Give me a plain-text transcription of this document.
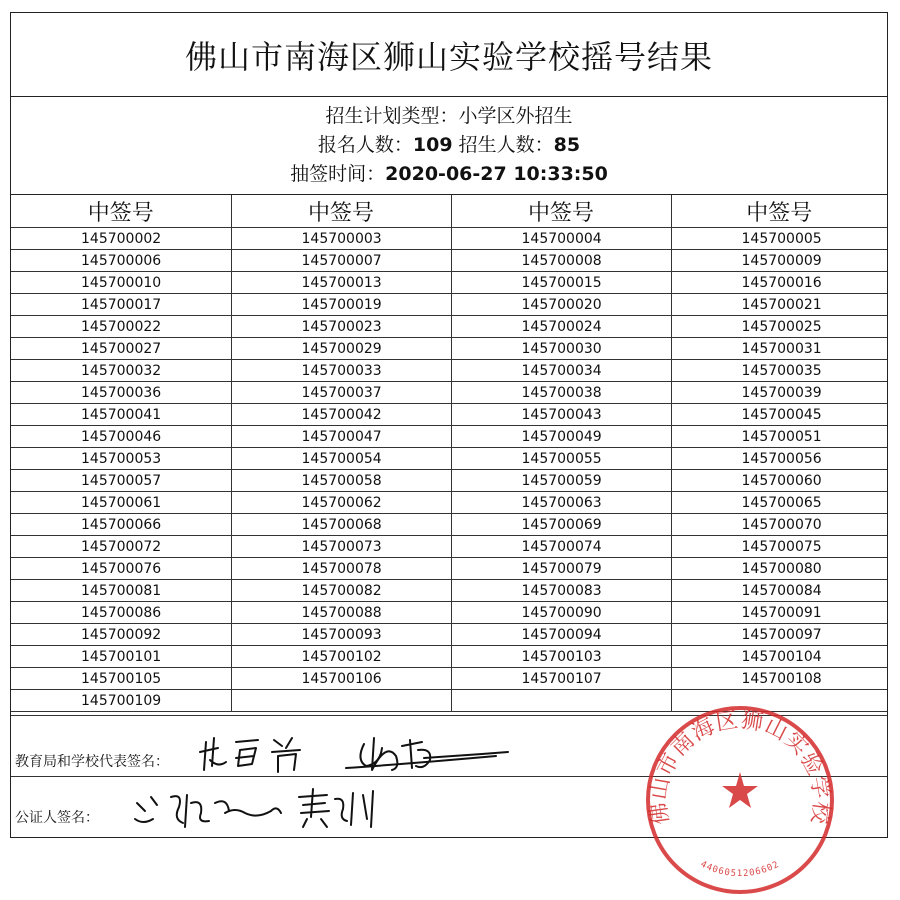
佛山市南海区狮山实验学校摇号结果
招生计划类型：小学区外招生
报名人数：109 招生人数：85
抽签时间：2020-06-27 10:33:50
中签号	中签号	中签号	中签号
145700002	145700003	145700004	145700005
145700006	145700007	145700008	145700009
145700010	145700013	145700015	145700016
145700017	145700019	145700020	145700021
145700022	145700023	145700024	145700025
145700027	145700029	145700030	145700031
145700032	145700033	145700034	145700035
145700036	145700037	145700038	145700039
145700041	145700042	145700043	145700045
145700046	145700047	145700049	145700051
145700053	145700054	145700055	145700056
145700057	145700058	145700059	145700060
145700061	145700062	145700063	145700065
145700066	145700068	145700069	145700070
145700072	145700073	145700074	145700075
145700076	145700078	145700079	145700080
145700081	145700082	145700083	145700084
145700086	145700088	145700090	145700091
145700092	145700093	145700094	145700097
145700101	145700102	145700103	145700104
145700105	145700106	145700107	145700108
145700109			
教育局和学校代表签名：
公证人签名：	佛山市南海区狮山实验学校
4406051206602
